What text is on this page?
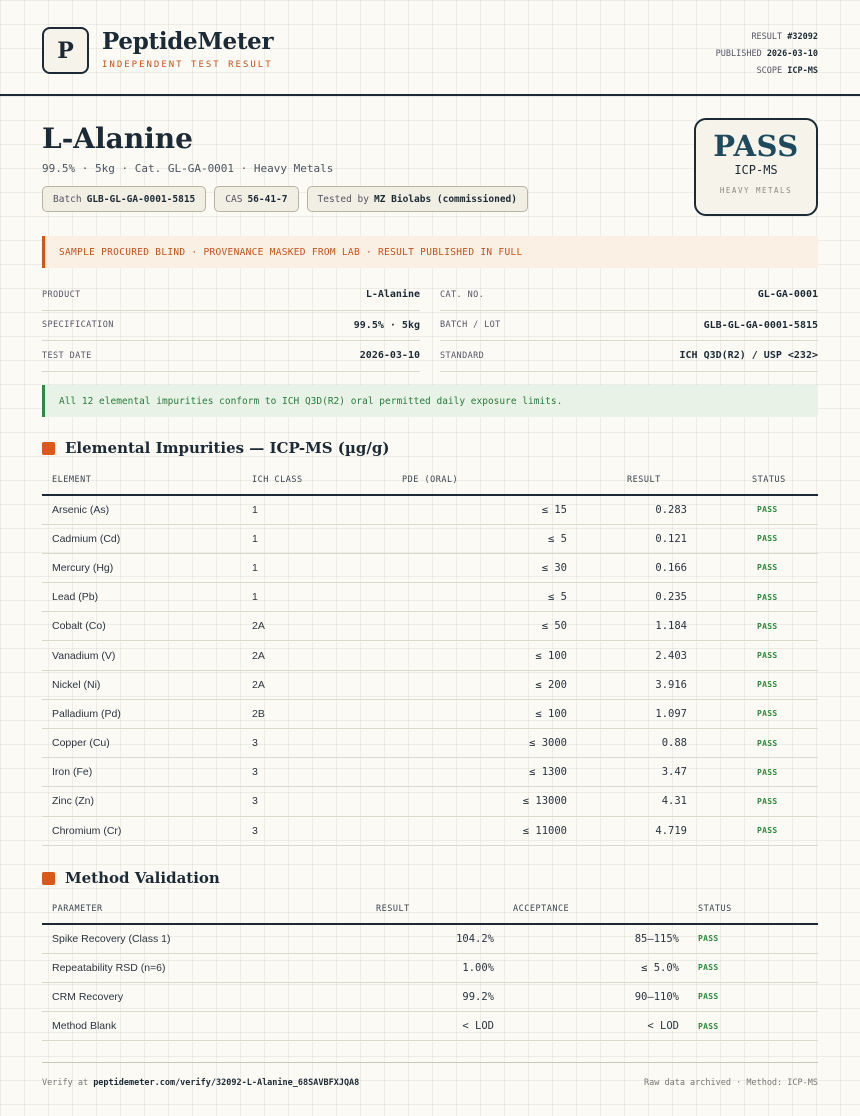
P	PeptideMeter
INDEPENDENT TEST RESULT
RESULT #32092
PUBLISHED 2026-03-10
SCOPE ICP-MS
L-Alanine
99.5% · 5kg · Cat. GL-GA-0001 · Heavy Metals
Batch GLB-GL-GA-0001-5815	CAS 56-41-7	Tested by MZ Biolabs (commissioned)
PASS
ICP-MS
HEAVY METALS
SAMPLE PROCURED BLIND · PROVENANCE MASKED FROM LAB · RESULT PUBLISHED IN FULL
PRODUCT	L-Alanine CAT. NO.	GL-GA-0001
SPECIFICATION	99.5% · 5kg BATCH / LOT	GLB-GL-GA-0001-5815
TEST DATE	2026-03-10 STANDARD	ICH Q3D(R2) / USP <232>
All 12 elemental impurities conform to ICH Q3D(R2) oral permitted daily exposure limits.
Elemental Impurities — ICP-MS (µg/g)
ELEMENT	ICH CLASS	PDE (ORAL)	RESULT	STATUS
Arsenic (As)	1	≤ 15	0.283	PASS
Cadmium (Cd)	1	≤ 5	0.121	PASS
Mercury (Hg)	1	≤ 30	0.166	PASS
Lead (Pb)	1	≤ 5	0.235	PASS
Cobalt (Co)	2A	≤ 50	1.184	PASS
Vanadium (V)	2A	≤ 100	2.403	PASS
Nickel (Ni)	2A	≤ 200	3.916	PASS
Palladium (Pd)	2B	≤ 100	1.097	PASS
Copper (Cu)	3	≤ 3000	0.88	PASS
Iron (Fe)	3	≤ 1300	3.47	PASS
Zinc (Zn)	3	≤ 13000	4.31	PASS
Chromium (Cr)	3	≤ 11000	4.719	PASS
Method Validation
PARAMETER	RESULT	ACCEPTANCE	STATUS
Spike Recovery (Class 1)	104.2%	85–115%	PASS
Repeatability RSD (n=6)	1.00%	≤ 5.0%	PASS
CRM Recovery	99.2%	90–110%	PASS
Method Blank	< LOD	< LOD	PASS
Verify at peptidemeter.com/verify/32092-L-Alanine_68SAVBFXJQA8	Raw data archived · Method: ICP-MS
